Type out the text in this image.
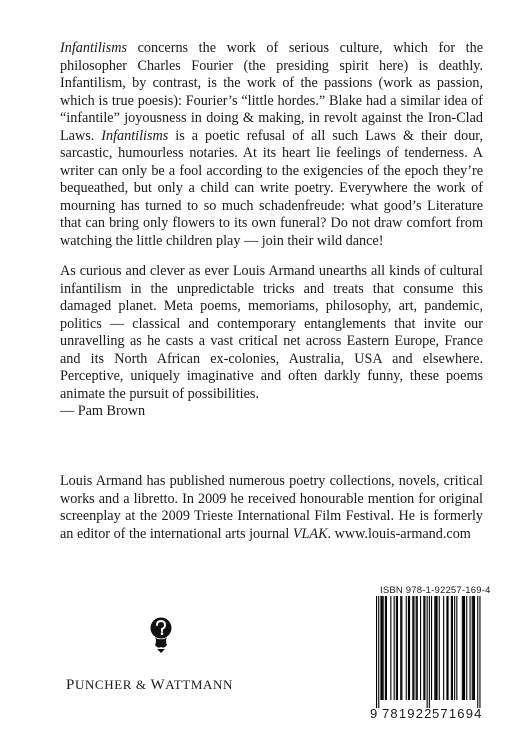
Infantilisms concerns the work of serious culture, which for the philosopher Charles Fourier (the presiding spirit here) is deathly. Infantilism, by contrast, is the work of the passions (work as passion, which is true poesis): Fourier’s “little hordes.” Blake had a similar idea of “infantile” joyousness in doing & making, in revolt against the Iron-Clad Laws. Infantilisms is a poetic refusal of all such Laws & their dour, sarcastic, humourless notaries. At its heart lie feelings of tenderness. A writer can only be a fool according to the exigencies of the epoch they’re bequeathed, but only a child can write poetry. Everywhere the work of mourning has turned to so much schadenfreude: what good’s Literature that can bring only flowers to its own funeral? Do not draw comfort from watching the little children play — join their wild dance!

As curious and clever as ever Louis Armand unearths all kinds of cultural infantilism in the unpredictable tricks and treats that consume this damaged planet. Meta poems, memoriams, philosophy, art, pandemic, politics — classical and contemporary entanglements that invite our unravelling as he casts a vast critical net across Eastern Europe, France and its North African ex-colonies, Australia, USA and elsewhere. Perceptive, uniquely imaginative and often darkly funny, these poems animate the pursuit of possibilities.
— Pam Brown

Louis Armand has published numerous poetry collections, novels, critical works and a libretto. In 2009 he received honourable mention for original screenplay at the 2009 Trieste International Film Festival. He is formerly an editor of the international arts journal VLAK. www.louis-armand.com

PUNCHER & WATTMANN
ISBN 978-1-92257-169-4
9 781922 571694
